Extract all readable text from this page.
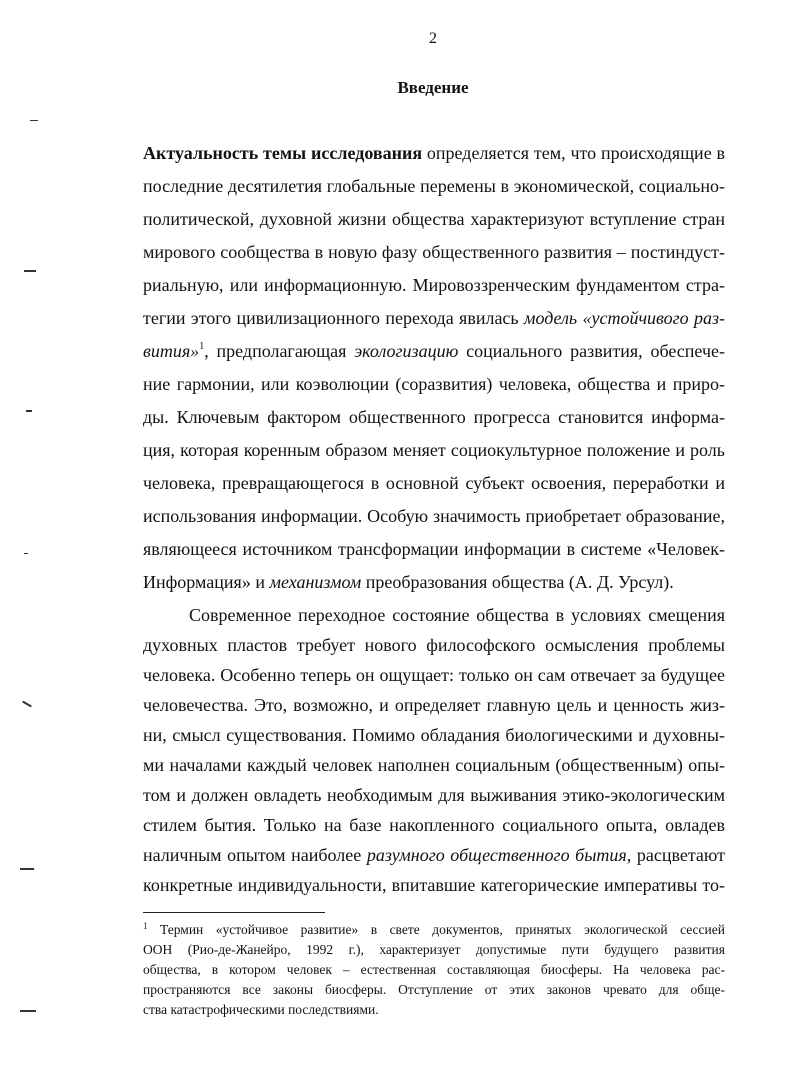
2
Введение
Актуальность темы исследования определяется тем, что происходящие в
последние десятилетия глобальные перемены в экономической, социально-
политической, духовной жизни общества характеризуют вступление стран
мирового сообщества в новую фазу общественного развития – постиндуст-
риальную, или информационную. Мировоззренческим фундаментом стра-
тегии этого цивилизационного перехода явилась модель «устойчивого раз-
вития»$^1$, предполагающая экологизацию социального развития, обеспече-
ние гармонии, или коэволюции (соразвития) человека, общества и приро-
ды. Ключевым фактором общественного прогресса становится информа-
ция, которая коренным образом меняет социокультурное положение и роль
человека, превращающегося в основной субъект освоения, переработки и
использования информации. Особую значимость приобретает образование,
являющееся источником трансформации информации в системе «Человек-
Информация» и механизмом преобразования общества (А. Д. Урсул).
Современное переходное состояние общества в условиях смещения
духовных пластов требует нового философского осмысления проблемы
человека. Особенно теперь он ощущает: только он сам отвечает за будущее
человечества. Это, возможно, и определяет главную цель и ценность жиз-
ни, смысл существования. Помимо обладания биологическими и духовны-
ми началами каждый человек наполнен социальным (общественным) опы-
том и должен овладеть необходимым для выживания этико-экологическим
стилем бытия. Только на базе накопленного социального опыта, овладев
наличным опытом наиболее разумного общественного бытия, расцветают
$^1$ Термин «устойчивое развитие» в свете документов, принятых экологической сессией
ООН (Рио-де-Жанейро, 1992 г.), характеризует допустимые пути будущего развития
общества, в котором человек – естественная составляющая биосферы. На человека рас-
пространяются все законы биосферы. Отступление от этих законов чревато для обще-
ства катастрофическими последствиями.
конкретные индивидуальности, впитавшие категорические императивы то-
